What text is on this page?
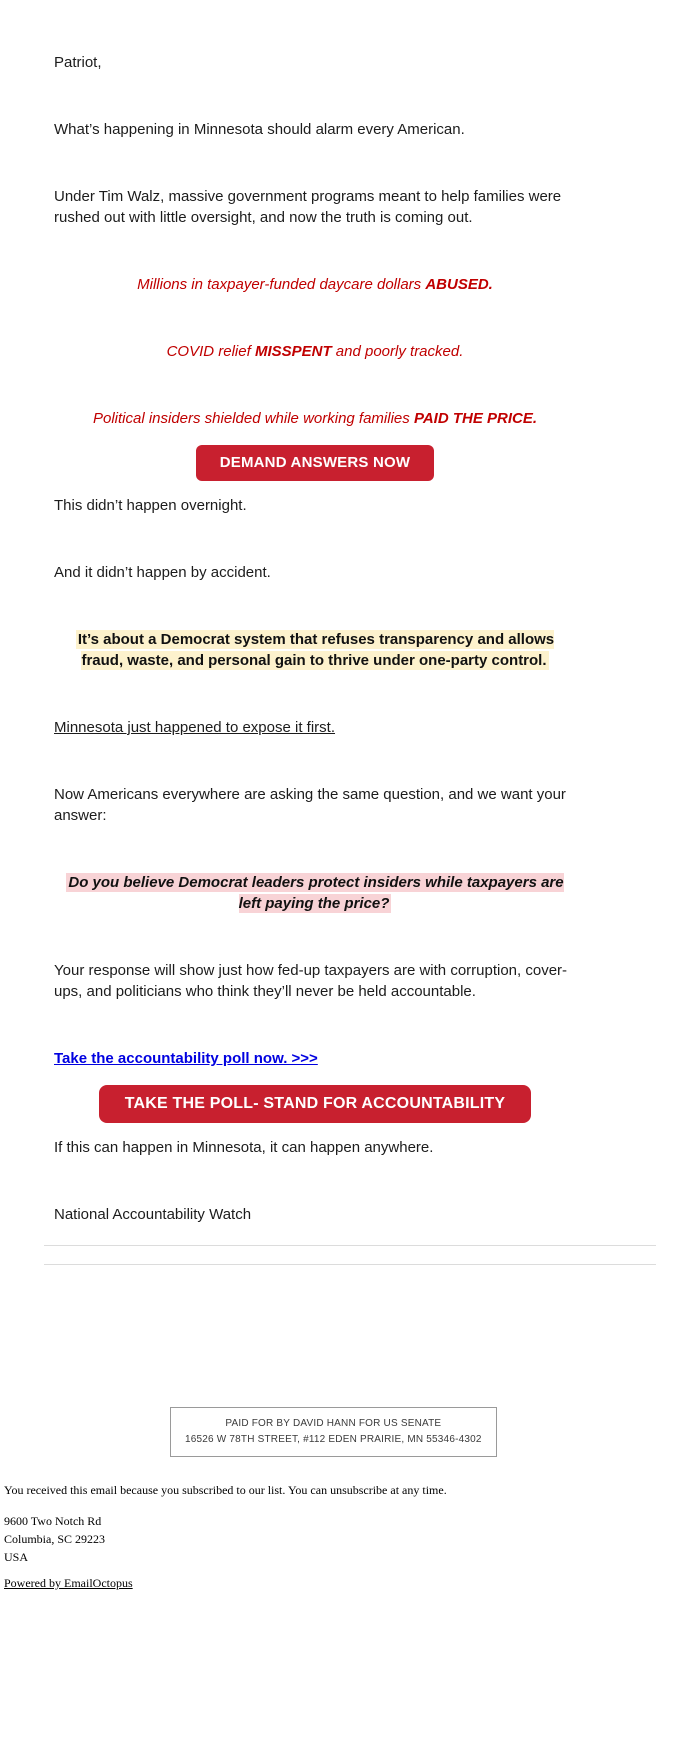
Patriot,

What’s happening in Minnesota should alarm every American.

Under Tim Walz, massive government programs meant to help families were rushed out with little oversight, and now the truth is coming out.

Millions in taxpayer-funded daycare dollars ABUSED.

COVID relief MISSPENT and poorly tracked.

Political insiders shielded while working families PAID THE PRICE.

DEMAND ANSWERS NOW

This didn’t happen overnight.

And it didn’t happen by accident.

It’s about a Democrat system that refuses transparency and allows fraud, waste, and personal gain to thrive under one-party control.

Minnesota just happened to expose it first.

Now Americans everywhere are asking the same question, and we want your answer:

Do you believe Democrat leaders protect insiders while taxpayers are left paying the price?

Your response will show just how fed-up taxpayers are with corruption, cover-ups, and politicians who think they’ll never be held accountable.

Take the accountability poll now. >>>

TAKE THE POLL- STAND FOR ACCOUNTABILITY

If this can happen in Minnesota, it can happen anywhere.

National Accountability Watch

PAID FOR BY DAVID HANN FOR US SENATE
16526 W 78TH STREET, #112 EDEN PRAIRIE, MN 55346-4302

You received this email because you subscribed to our list. You can unsubscribe at any time.

9600 Two Notch Rd
Columbia, SC 29223
USA
Powered by EmailOctopus
